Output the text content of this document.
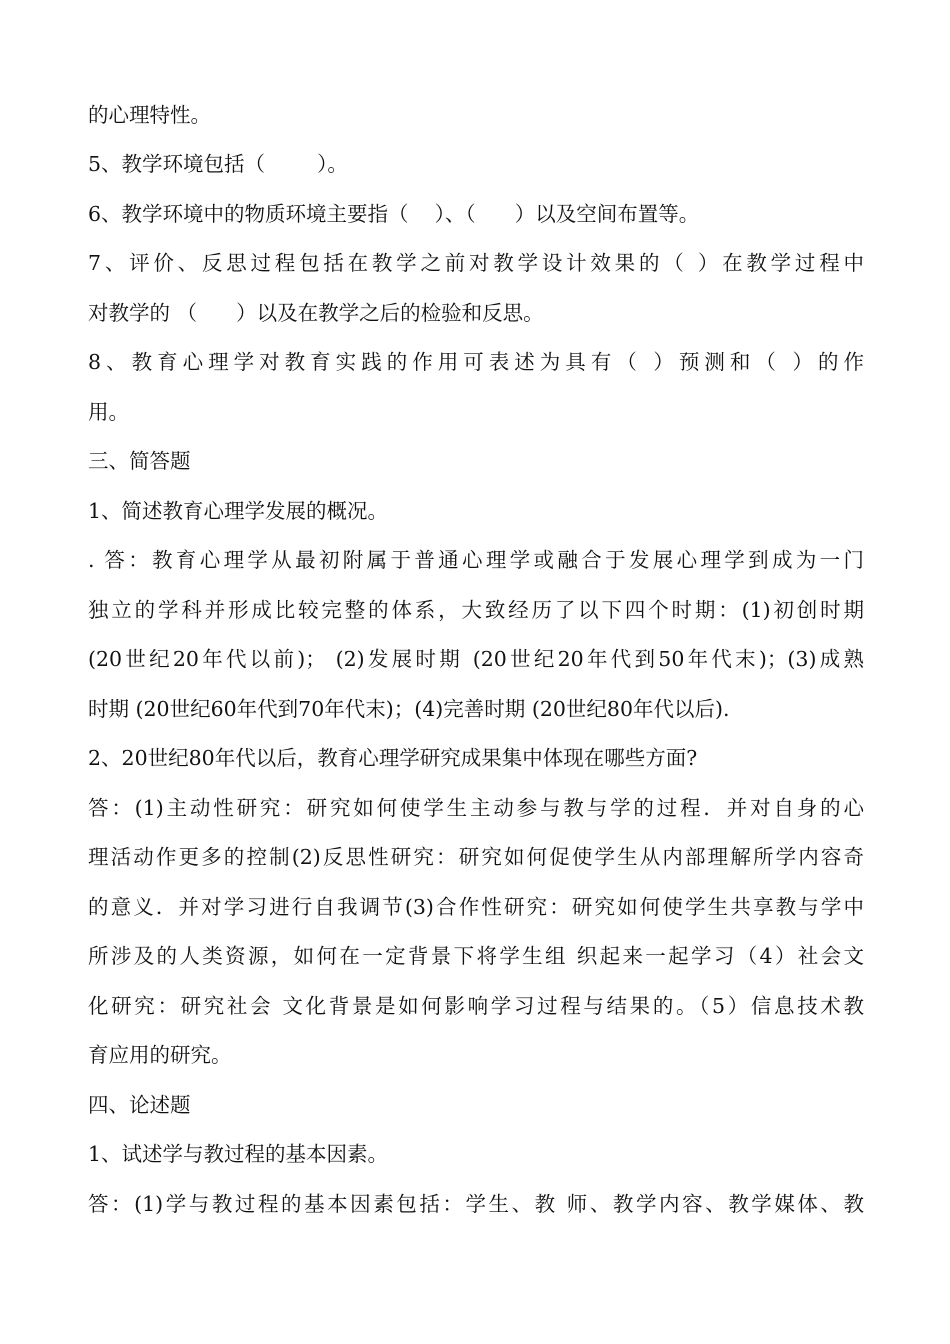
的心理特性。
5、教学环境包括（        ）。
6、教学环境中的物质环境主要指（    ）、（      ）以及空间布置等。
7、评价、反思过程包括在教学之前对教学设计效果的（ ）在教学过程中
对教学的 （      ）以及在教学之后的检验和反思。
8、教育心理学对教育实践的作用可表述为具有（ ）预测和（ ）的作
用。
三、简答题
1、简述教育心理学发展的概况。
. 答：教育心理学从最初附属于普通心理学或融合于发展心理学到成为一门
独立的学科并形成比较完整的体系，大致经历了以下四个时期：(1)初创时期
(20世纪20年代以前)； (2)发展时期 (20世纪20年代到50年代末)；(3)成熟
时期 (20世纪60年代到70年代末)；(4)完善时期 (20世纪80年代以后).
2、20世纪80年代以后，教育心理学研究成果集中体现在哪些方面?
答：(1)主动性研究：研究如何使学生主动参与教与学的过程．并对自身的心
理活动作更多的控制(2)反思性研究：研究如何促使学生从内部理解所学内容奇
的意义．并对学习进行自我调节(3)合作性研究：研究如何使学生共享教与学中
所涉及的人类资源，如何在一定背景下将学生组 织起来一起学习（4）社会文
化研究：研究社会 文化背景是如何影响学习过程与结果的。（5）信息技术教
育应用的研究。
四、论述题
1、试述学与教过程的基本因素。
答：(1)学与教过程的基本因素包括：学生、教 师、教学内容、教学媒体、教
